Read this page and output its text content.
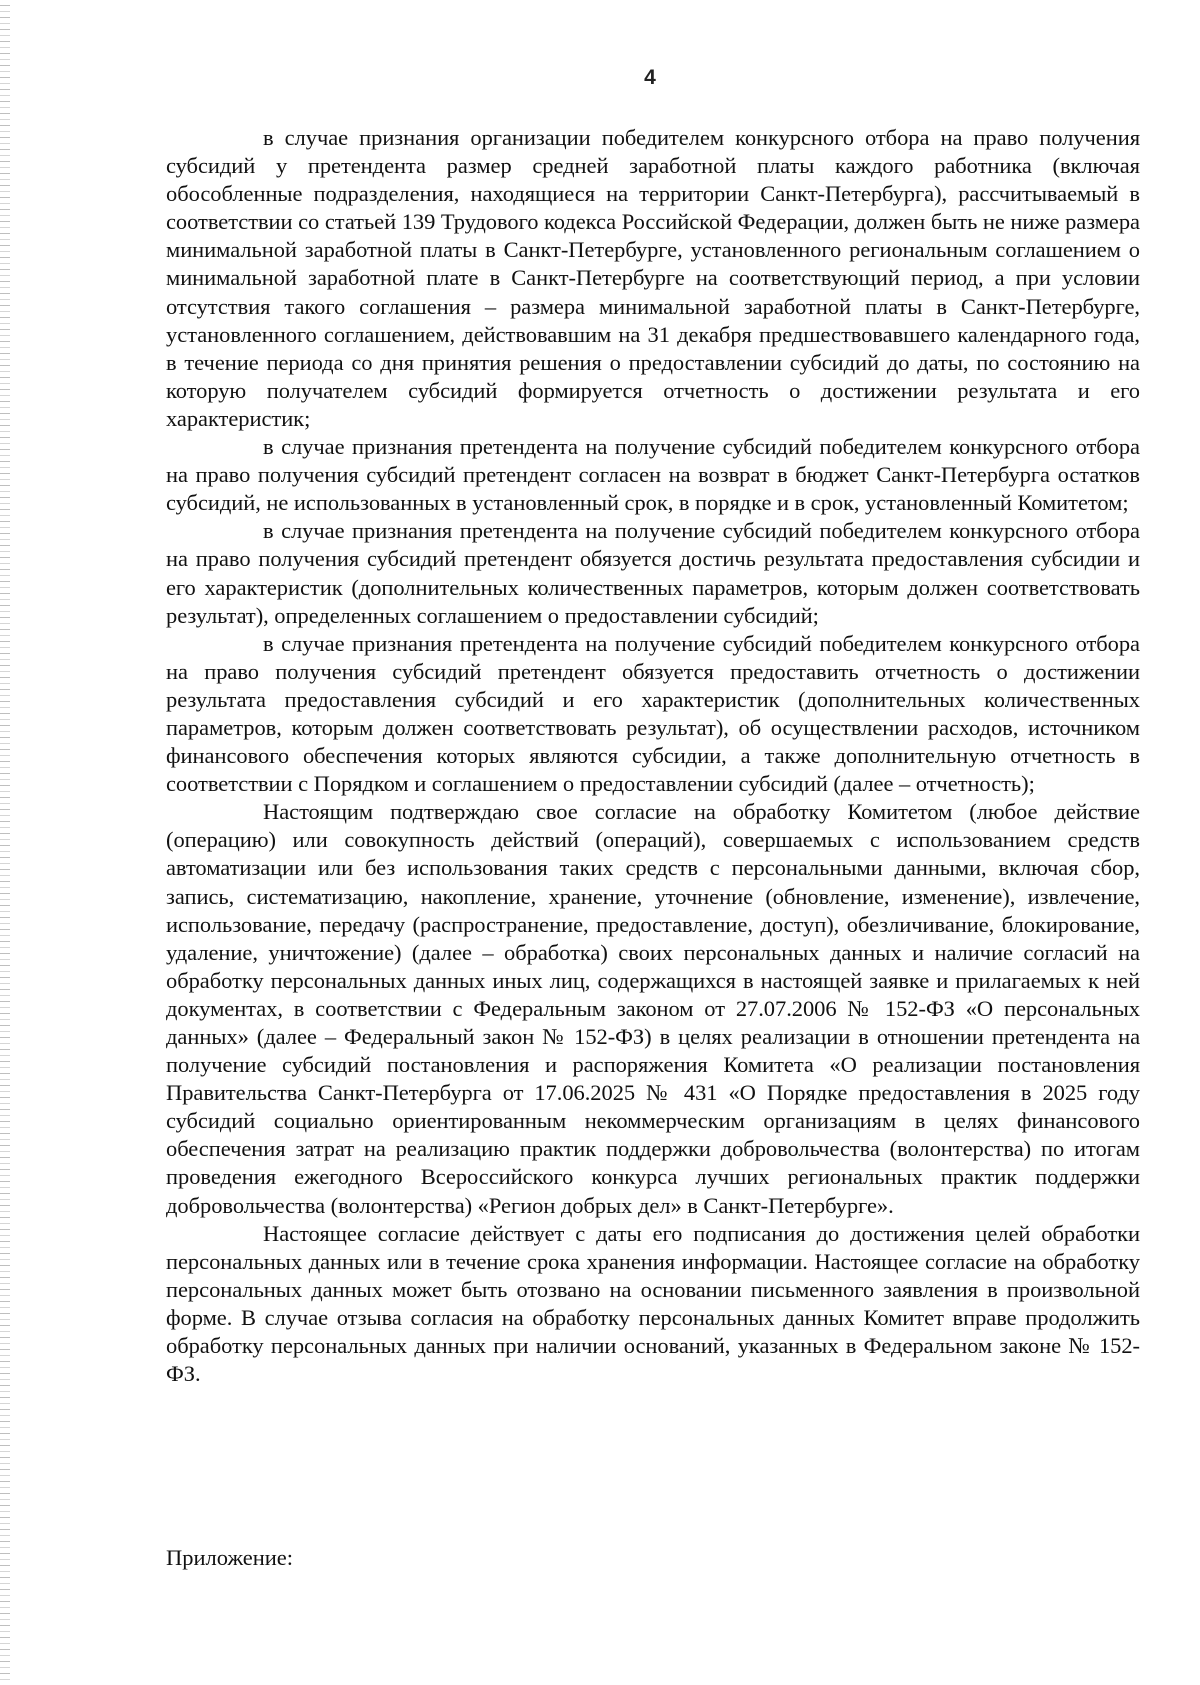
4

в случае признания организации победителем конкурсного отбора на право получения субсидий у претендента размер средней заработной платы каждого работника (включая обособленные подразделения, находящиеся на территории Санкт-Петербурга), рассчитываемый в соответствии со статьей 139 Трудового кодекса Российской Федерации, должен быть не ниже размера минимальной заработной платы в Санкт-Петербурге, установленного региональным соглашением о минимальной заработной плате в Санкт-Петербурге на соответствующий период, а при условии отсутствия такого соглашения – размера минимальной заработной платы в Санкт-Петербурге, установленного соглашением, действовавшим на 31 декабря предшествовавшего календарного года, в течение периода со дня принятия решения о предоставлении субсидий до даты, по состоянию на которую получателем субсидий формируется отчетность о достижении результата и его характеристик;

в случае признания претендента на получение субсидий победителем конкурсного отбора на право получения субсидий претендент согласен на возврат в бюджет Санкт-Петербурга остатков субсидий, не использованных в установленный срок, в порядке и в срок, установленный Комитетом;

в случае признания претендента на получение субсидий победителем конкурсного отбора на право получения субсидий претендент обязуется достичь результата предоставления субсидии и его характеристик (дополнительных количественных параметров, которым должен соответствовать результат), определенных соглашением о предоставлении субсидий;

в случае признания претендента на получение субсидий победителем конкурсного отбора на право получения субсидий претендент обязуется предоставить отчетность о достижении результата предоставления субсидий и его характеристик (дополнительных количественных параметров, которым должен соответствовать результат), об осуществлении расходов, источником финансового обеспечения которых являются субсидии, а также дополнительную отчетность в соответствии с Порядком и соглашением о предоставлении субсидий (далее – отчетность);

Настоящим подтверждаю свое согласие на обработку Комитетом (любое действие (операцию) или совокупность действий (операций), совершаемых с использованием средств автоматизации или без использования таких средств с персональными данными, включая сбор, запись, систематизацию, накопление, хранение, уточнение (обновление, изменение), извлечение, использование, передачу (распространение, предоставление, доступ), обезличивание, блокирование, удаление, уничтожение) (далее – обработка) своих персональных данных и наличие согласий на обработку персональных данных иных лиц, содержащихся в настоящей заявке и прилагаемых к ней документах, в соответствии с Федеральным законом от 27.07.2006 № 152-ФЗ «О персональных данных» (далее – Федеральный закон № 152-ФЗ) в целях реализации в отношении претендента на получение субсидий постановления и распоряжения Комитета «О реализации постановления Правительства Санкт-Петербурга от 17.06.2025 № 431 «О Порядке предоставления в 2025 году субсидий социально ориентированным некоммерческим организациям в целях финансового обеспечения затрат на реализацию практик поддержки добровольчества (волонтерства) по итогам проведения ежегодного Всероссийского конкурса лучших региональных практик поддержки добровольчества (волонтерства) «Регион добрых дел» в Санкт-Петербурге».

Настоящее согласие действует с даты его подписания до достижения целей обработки персональных данных или в течение срока хранения информации. Настоящее согласие на обработку персональных данных может быть отозвано на основании письменного заявления в произвольной форме. В случае отзыва согласия на обработку персональных данных Комитет вправе продолжить обработку персональных данных при наличии оснований, указанных в Федеральном законе № 152-ФЗ.

Приложение:
